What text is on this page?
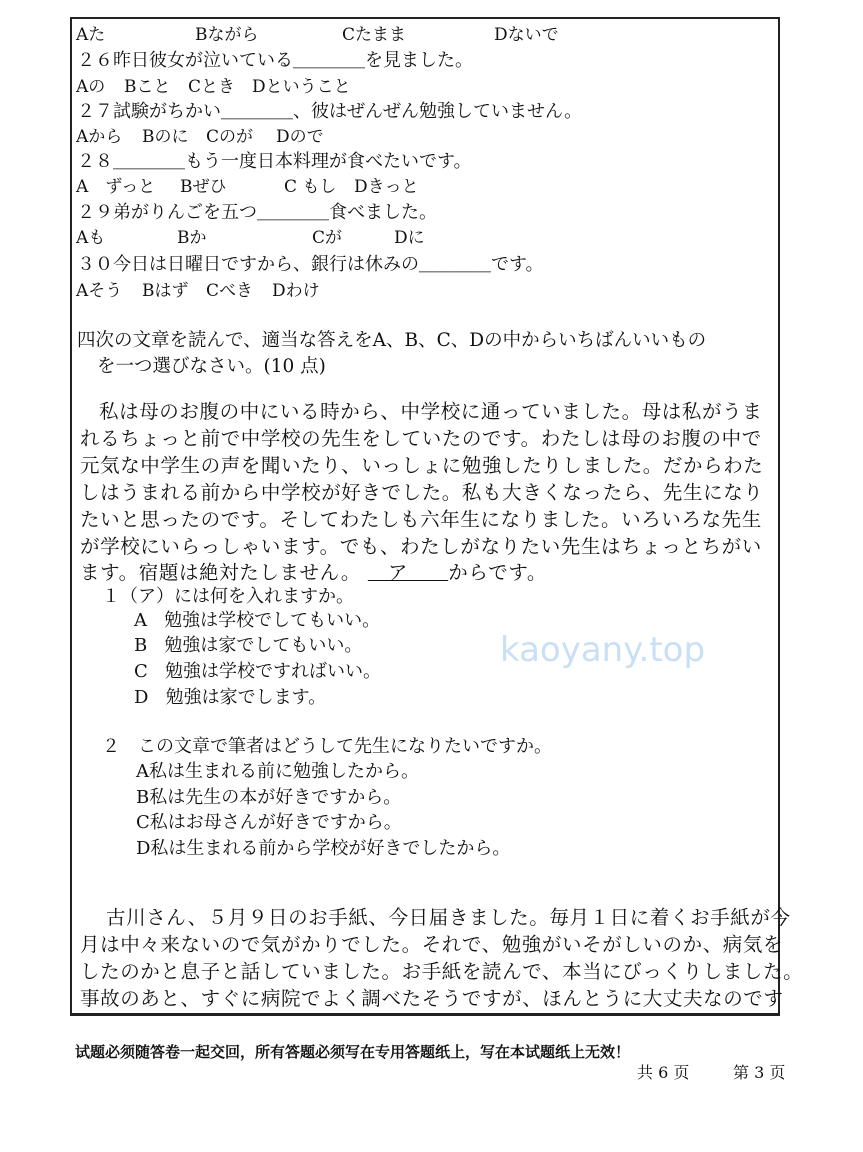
Aた	Bながら	Cたまま	Dないで
２６昨日彼女が泣いている＿＿＿＿を見ました。
Aの Bこと Cとき Dということ
２７試験がちかい＿＿＿＿、彼はぜんぜん勉強していません。
Aから Bのに Cのが Dので
２８＿＿＿＿もう一度日本料理が食べたいです。
A　ずっと Bぜひ	C もし Dきっと
２９弟がりんごを五つ＿＿＿＿食べました。
Aも	Bか	Cが	Dに
３０今日は日曜日ですから、銀行は休みの＿＿＿＿です。
Aそう Bはず Cべき Dわけ
四次の文章を読んで、適当な答えをA、B、C、Dの中からいちばんいいもの
を一つ選びなさい。(10 点)
私は母のお腹の中にいる時から、中学校に通っていました。母は私がうま
れるちょっと前で中学校の先生をしていたのです。わたしは母のお腹の中で
元気な中学生の声を聞いたり、いっしょに勉強したりしました。だからわた
しはうまれる前から中学校が好きでした。私も大きくなったら、先生になり
たいと思ったのです。そしてわたしも六年生になりました。いろいろな先生
が学校にいらっしゃいます。でも、わたしがなりたい先生はちょっとちがい
ます。宿題は絶対たしません。 　ア　　からです。
１（ア）には何を入れますか。
A 勉強は学校でしてもいい。
B 勉強は家でしてもいい。
C 勉強は学校ですればいい。
D 勉強は家でします。
２　この文章で筆者はどうして先生になりたいですか。
A私は生まれる前に勉強したから。
B私は先生の本が好きですから。
C私はお母さんが好きですから。
D私は生まれる前から学校が好きでしたから。
古川さん、５月９日のお手紙、今日届きました。毎月１日に着くお手紙が今
月は中々来ないので気がかりでした。それで、勉強がいそがしいのか、病気を
したのかと息子と話していました。お手紙を読んで、本当にびっくりしました。
事故のあと、すぐに病院でよく調べたそうですが、ほんとうに大丈夫なのです
kaoyany.top
试题必须随答卷一起交回，所有答题必须写在专用答题纸上，写在本试题纸上无效！
共 6 页	第 3 页
